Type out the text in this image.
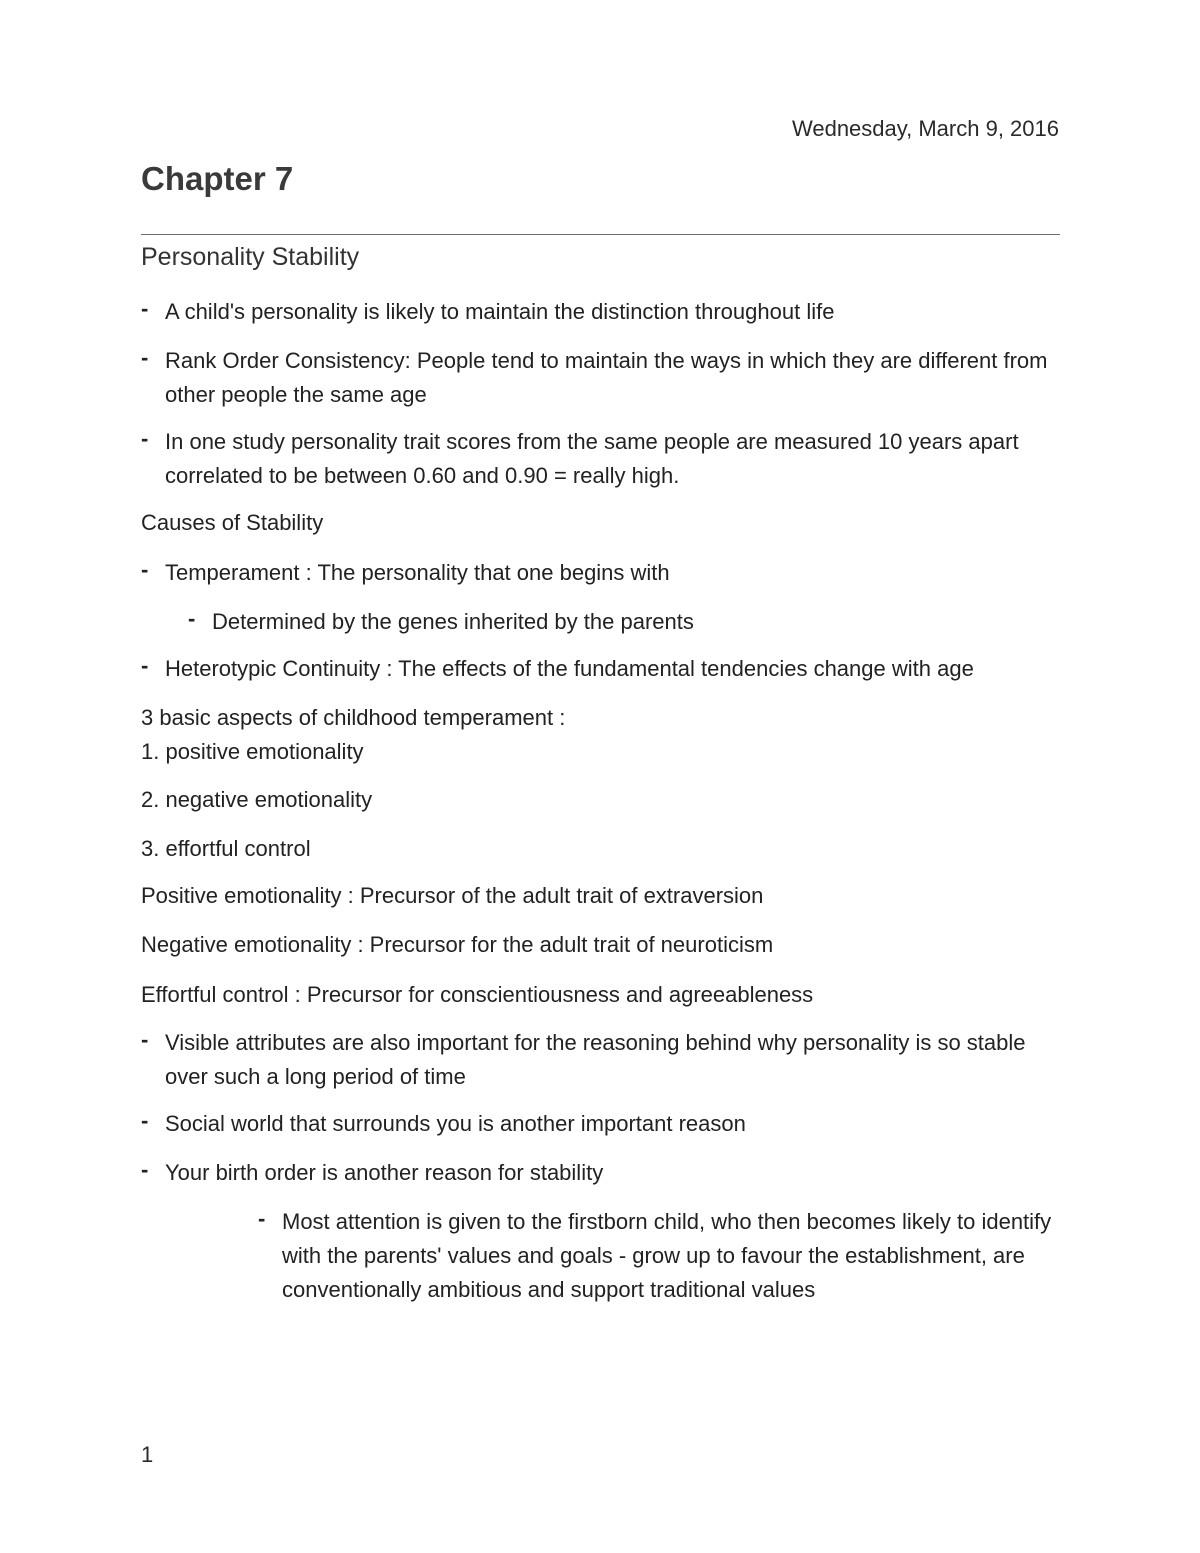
Wednesday, March 9, 2016
Chapter 7
Personality Stability
- A child's personality is likely to maintain the distinction throughout life
- Rank Order Consistency: People tend to maintain the ways in which they are different from other people the same age
- In one study personality trait scores from the same people are measured 10 years apart correlated to be between 0.60 and 0.90 = really high.
Causes of Stability
- Temperament : The personality that one begins with
- Determined by the genes inherited by the parents
- Heterotypic Continuity : The effects of the fundamental tendencies change with age
3 basic aspects of childhood temperament :
1. positive emotionality
2. negative emotionality
3. effortful control
Positive emotionality : Precursor of the adult trait of extraversion
Negative emotionality : Precursor for the adult trait of neuroticism
Effortful control : Precursor for conscientiousness and agreeableness
- Visible attributes are also important for the reasoning behind why personality is so stable over such a long period of time
- Social world that surrounds you is another important reason
- Your birth order is another reason for stability
- Most attention is given to the firstborn child, who then becomes likely to identify with the parents' values and goals - grow up to favour the establishment, are conventionally ambitious and support traditional values
1
